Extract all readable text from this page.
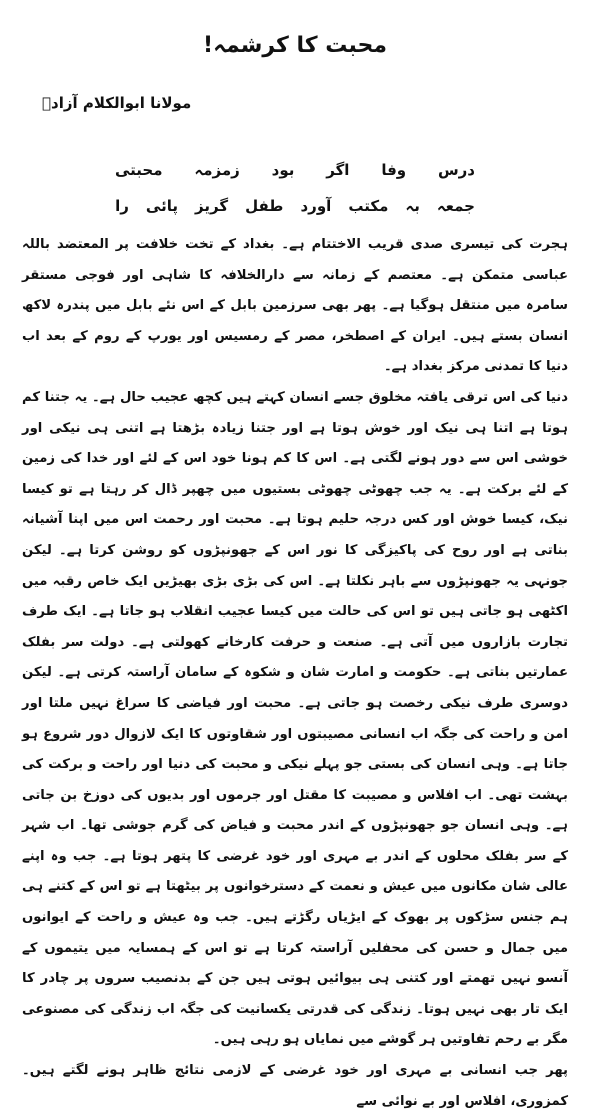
محبت کا کرشمہ!
مولانا ابوالکلام آزادؔ
درس
وفا
اگر
بود
زمزمہ
محبتی
جمعہ
بہ
مکتب
آورد
طفل
گریز
پائی
را

ہجرت کی تیسری صدی قریب الاختتام ہے۔ بغداد کے تخت خلافت پر المعتضد باللہ عباسی متمکن ہے۔ معتصم کے زمانہ سے دارالخلافہ کا شاہی اور فوجی مستقر سامرہ میں منتقل ہوگیا ہے۔ پھر بھی سرزمین بابل کے اس نئے بابل میں پندرہ لاکھ انسان بستے ہیں۔ ایران کے اصطخر، مصر کے رمسیس اور یورپ کے روم کے بعد اب دنیا کا تمدنی مرکز بغداد ہے۔

دنیا کی اس ترقی یافتہ مخلوق جسے انسان کہتے ہیں کچھ عجیب حال ہے۔ یہ جتنا کم ہوتا ہے اتنا ہی نیک اور خوش ہوتا ہے اور جتنا زیادہ بڑھتا ہے اتنی ہی نیکی اور خوشی اس سے دور ہونے لگتی ہے۔ اس کا کم ہونا خود اس کے لئے اور خدا کی زمین کے لئے برکت ہے۔ یہ جب چھوٹی چھوٹی بستیوں میں چھپر ڈال کر رہتا ہے تو کیسا نیک، کیسا خوش اور کس درجہ حلیم ہوتا ہے۔ محبت اور رحمت اس میں اپنا آشیانہ بناتی ہے اور روح کی پاکیزگی کا نور اس کے جھونپڑوں کو روشن کرتا ہے۔ لیکن جونہی یہ جھونپڑوں سے باہر نکلتا ہے۔ اس کی بڑی بڑی بھیڑیں ایک خاص رقبہ میں اکٹھی ہو جاتی ہیں تو اس کی حالت میں کیسا عجیب انقلاب ہو جاتا ہے۔ ایک طرف تجارت بازاروں میں آتی ہے۔ صنعت و حرفت کارخانے کھولتی ہے۔ دولت سر بفلک عمارتیں بناتی ہے۔ حکومت و امارت شان و شکوہ کے سامان آراستہ کرتی ہے۔ لیکن دوسری طرف نیکی رخصت ہو جاتی ہے۔ محبت اور فیاضی کا سراغ نہیں ملتا اور امن و راحت کی جگہ اب انسانی مصیبتوں اور شقاوتوں کا ایک لازوال دور شروع ہو جاتا ہے۔ وہی انسان کی بستی جو پہلے نیکی و محبت کی دنیا اور راحت و برکت کی بہشت تھی۔ اب افلاس و مصیبت کا مقتل اور جرموں اور بدیوں کی دوزخ بن جاتی ہے۔ وہی انسان جو جھونپڑوں کے اندر محبت و فیاض کی گرم جوشی تھا۔ اب شہر کے سر بفلک محلوں کے اندر بے مہری اور خود غرضی کا پتھر ہوتا ہے۔ جب وہ اپنے عالی شان مکانوں میں عیش و نعمت کے دسترخوانوں پر بیٹھتا ہے تو اس کے کتنے ہی ہم جنس سڑکوں پر بھوک کے ایڑیاں رگڑتے ہیں۔ جب وہ عیش و راحت کے ایوانوں میں جمال و حسن کی محفلیں آراستہ کرتا ہے تو اس کے ہمسایہ میں یتیموں کے آنسو نہیں تھمتے اور کتنی ہی بیوائیں ہوتی ہیں جن کے بدنصیب سروں پر چادر کا ایک تار بھی نہیں ہوتا۔ زندگی کی قدرتی یکسانیت کی جگہ اب زندگی کی مصنوعی مگر بے رحم تفاوتیں ہر گوشے میں نمایاں ہو رہی ہیں۔

پھر جب انسانی بے مہری اور خود غرضی کے لازمی نتائج ظاہر ہونے لگتے ہیں۔ کمزوری، افلاس اور بے نوائی سے
